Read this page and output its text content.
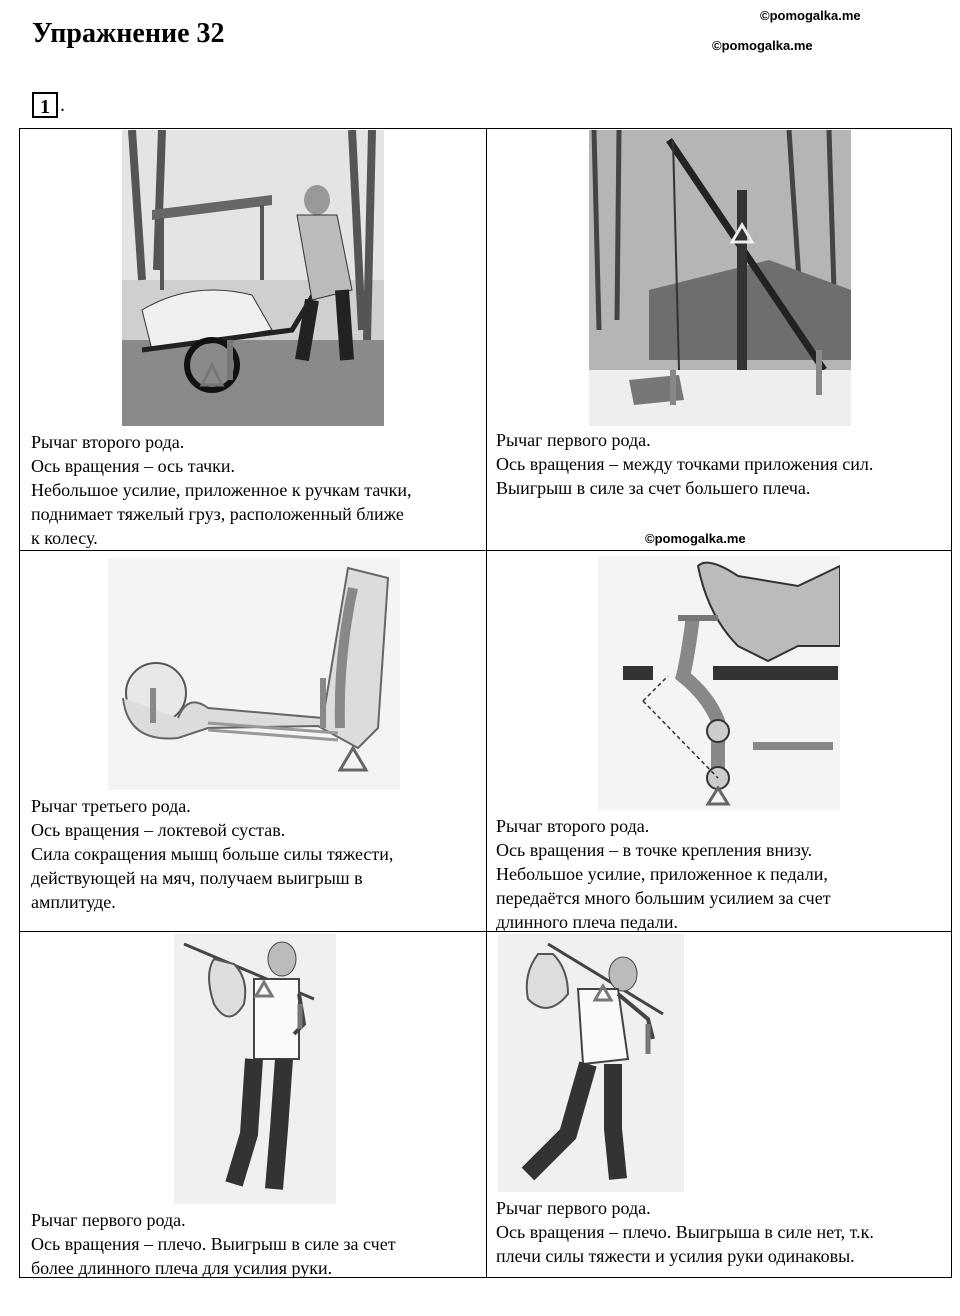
Упражнение 32
©pomogalka.me
©pomogalka.me
©pomogalka.me
1 .
Рычаг второго рода.
Ось вращения – ось тачки.
Небольшое усилие, приложенное к ручкам тачки,
поднимает тяжелый груз, расположенный ближе
к колесу.
Рычаг первого рода.
Ось вращения – между точками приложения сил.
Выигрыш в силе за счет большего плеча.
Рычаг третьего рода.
Ось вращения – локтевой сустав.
Сила сокращения мышц больше силы тяжести,
действующей на мяч, получаем выигрыш в
амплитуде.
Рычаг второго рода.
Ось вращения – в точке крепления внизу.
Небольшое усилие, приложенное к педали,
передаётся много большим усилием за счет
длинного плеча педали.
Рычаг первого рода.
Ось вращения – плечо. Выигрыш в силе за счет
более длинного плеча для усилия руки.
Рычаг первого рода.
Ось вращения – плечо. Выигрыша в силе нет, т.к.
плечи силы тяжести и усилия руки одинаковы.
